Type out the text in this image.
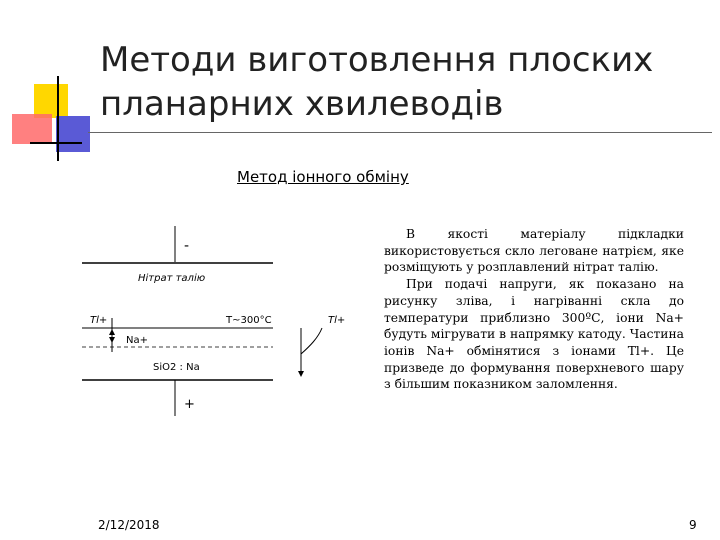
Методи виготовлення плоских
планарних хвилеводів
Метод іонного обміну
-
Нітрат талію
Tl+
Na+
T~300°C
SiO2 : Na
+
Tl+

В якості матеріалу підкладки використовується скло леговане натрієм, яке розміщують у розплавлений нітрат талію.

При подачі напруги, як показано на рисунку зліва, і нагріванні скла до температури приблизно 300ºС, іони Na+ будуть мігрувати в напрямку катоду. Частина іонів Na+ обмінятися з іонами Tl+. Це призведе до формування поверхневого шару з більшим показником заломлення.

2/12/2018	9
